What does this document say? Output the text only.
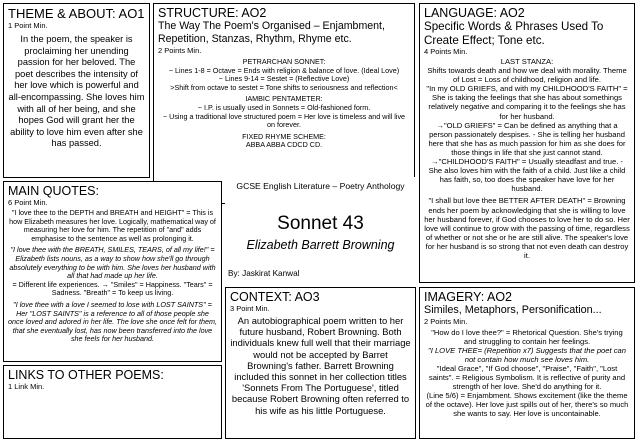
THEME & ABOUT: AO1
1 Point Min.
In the poem, the speaker is proclaiming her unending passion for her beloved. The poet describes the intensity of her love which is powerful and all-encompassing. She loves him with all of her being, and she hopes God will grant her the ability to love him even after she has passed.
STRUCTURE: AO2
The Way The Poem's Organised – Enjambment, Repetition, Stanzas, Rhythm, Rhyme etc.
2 Points Min.
PETRARCHAN SONNET:
~ Lines 1-8 = Octave = Ends with religion & balance of love. (Ideal Love)
~ Lines 9-14 = Sestet = (Reflective Love)
>Shift from octave to sestet = Tone shifts to seriousness and reflection<
IAMBIC PENTAMETER:
~ I.P. is usually used in Sonnets = Old-fashioned form.
~ Using a traditional love structured poem = Her love is timeless and will live on forever.
FIXED RHYME SCHEME:
ABBA ABBA CDCD CD.
LANGUAGE: AO2
Specific Words & Phrases Used To Create Effect; Tone etc.
4 Points Min.
LAST STANZA:
Shifts towards death and how we deal with morality. Theme of Lost = Loss of childhood, religion and life.
"In my OLD GRIEFS, and with my CHILDHOOD'S FAITH" = She is taking the feelings that she has about somethings relatively negative and comparing it to the feelings she has for her husband.
→"OLD GRIEFS" = Can be defined as anything that a person passionately despises. - She is telling her husband here that she has as much passion for him as she does for those things in life that she just cannot stand.
→"CHILDHOOD'S FAITH" = Usually steadfast and true. - She also loves him with the faith of a child. Just like a child has faith, so, too does the speaker have love for her husband.
"I shall but love thee BETTER AFTER DEATH" = Browning ends her poem by acknowledging that she is willing to love her husband forever, if God chooses to love her to do so. Her love will continue to grow with the passing of time, regardless of whether or not she or he are still alive. The speaker's love for her husband is so strong that not even death can destroy it.
MAIN QUOTES:
6 Point Min.
"I love thee to the DEPTH and BREATH and HEIGHT" = This is how Elizabeth measures her love. Logically, mathematical way of measuring her love for him. The repetition of "and" adds emphasise to the sentence as well as prolonging it.
"I love thee with the BREATH, SMILES, TEARS, of all my life!" = Elizabeth lists nouns, as a way to show how she'll go through absolutely everything to be with him. She loves her husband with all that had made up her life.
= Different life experiences. → "Smiles" = Happiness. "Tears" = Sadness. "Breath" = To keep us living.
"I love thee with a love I seemed to lose with LOST SAINTS" = Her "LOST SAINTS" is a reference to all of those people she once loved and adored in her life. The love she once felt for them, that she eventually lost, has now been transferred into the love she feels for her husband.
GCSE English Literature – Poetry Anthology
Sonnet 43
Elizabeth Barrett Browning
By: Jaskirat Kanwal
CONTEXT: AO3
3 Point Min.
An autobiographical poem written to her future husband, Robert Browning. Both individuals knew full well that their marriage would not be accepted by Barret Browning's father. Barrett Browning included this sonnet in her collection titles 'Sonnets From The Portuguese', titled because Robert Browning often referred to his wife as his little Portuguese.
IMAGERY: AO2
Similes, Metaphors, Personification...
2 Points Min.
"How do I love thee?" = Rhetorical Question. She's trying and struggling to contain her feelings.
"I LOVE THEE= (Repetition x7) Suggests that the poet can not contain how much see loves him.
"Ideal Grace", "If God choose", "Praise", "Faith", "Lost saints". = Religious Symbolism. It is reflective of purity and strength of her love. She'd do anything for it.
(Line 5/6) = Enjambment. Shows excitement (like the theme of the octave). Her love just spills out of her, there's so much she wants to say. Her love is uncontainable.
LINKS TO OTHER POEMS:
1 Link Min.
